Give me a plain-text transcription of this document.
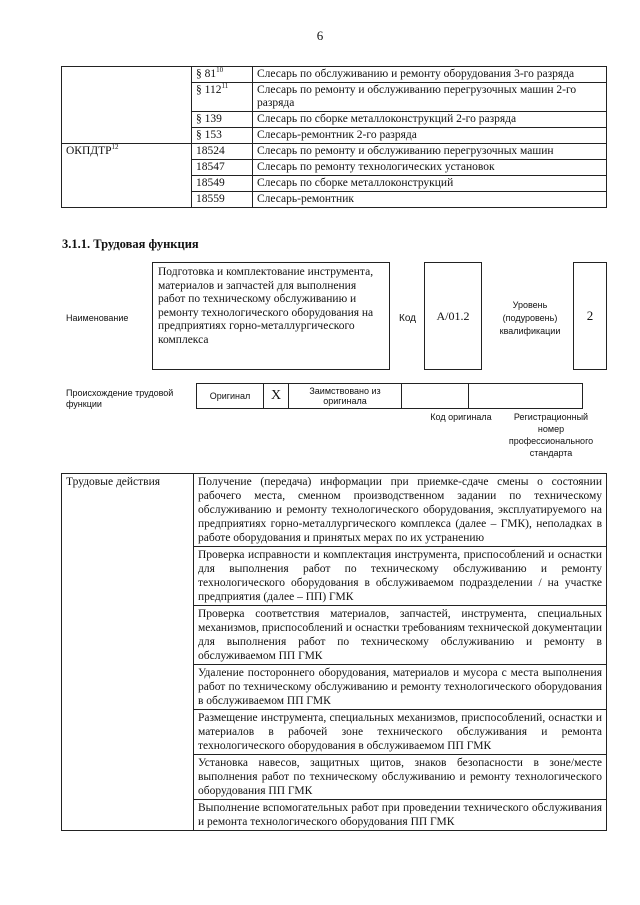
6
	§ $81^{10}$	Слесарь по обслуживанию и ремонту оборудования 3-го разряда
	§ $112^{11}$	Слесарь по ремонту и обслуживанию перегрузочных машин 2-го разряда
	§ 139	Слесарь по сборке металлоконструкций 2-го разряда
	§ 153	Слесарь-ремонтник 2-го разряда
ОКПДТР$^{12}$	18524	Слесарь по ремонту и обслуживанию перегрузочных машин
	18547	Слесарь по ремонту технологических установок
	18549	Слесарь по сборке металлоконструкций
	18559	Слесарь-ремонтник
3.1.1. Трудовая функция
Наименование
Подготовка и комплектование инструмента, материалов и запчастей для выполнения работ по техническому обслуживанию и ремонту технологического оборудования на предприятиях горно-металлургического комплекса
Код	А/01.2
Уровень (подуровень) квалификации
2
Происхождение трудовой функции
Оригинал	X	Заимствовано из оригинала
Код оригинала	Регистрационный номер профессионального стандарта
Трудовые действия	Получение (передача) информации при приемке-сдаче смены о состоянии рабочего места, сменном производственном задании по техническому обслуживанию и ремонту технологического оборудования, эксплуатируемого на предприятиях горно-металлургического комплекса (далее – ГМК), неполадках в работе оборудования и принятых мерах по их устранению
Проверка исправности и комплектация инструмента, приспособлений и оснастки для выполнения работ по техническому обслуживанию и ремонту технологического оборудования в обслуживаемом подразделении / на участке предприятия (далее – ПП) ГМК
Проверка соответствия материалов, запчастей, инструмента, специальных механизмов, приспособлений и оснастки требованиям технической документации для выполнения работ по техническому обслуживанию и ремонту в обслуживаемом ПП ГМК
Удаление постороннего оборудования, материалов и мусора с места выполнения работ по техническому обслуживанию и ремонту технологического оборудования в обслуживаемом ПП ГМК
Размещение инструмента, специальных механизмов, приспособлений, оснастки и материалов в рабочей зоне технического обслуживания и ремонта технологического оборудования в обслуживаемом ПП ГМК
Установка навесов, защитных щитов, знаков безопасности в зоне/месте выполнения работ по техническому обслуживанию и ремонту технологического оборудования ПП ГМК
Выполнение вспомогательных работ при проведении технического обслуживания и ремонта технологического оборудования ПП ГМК
